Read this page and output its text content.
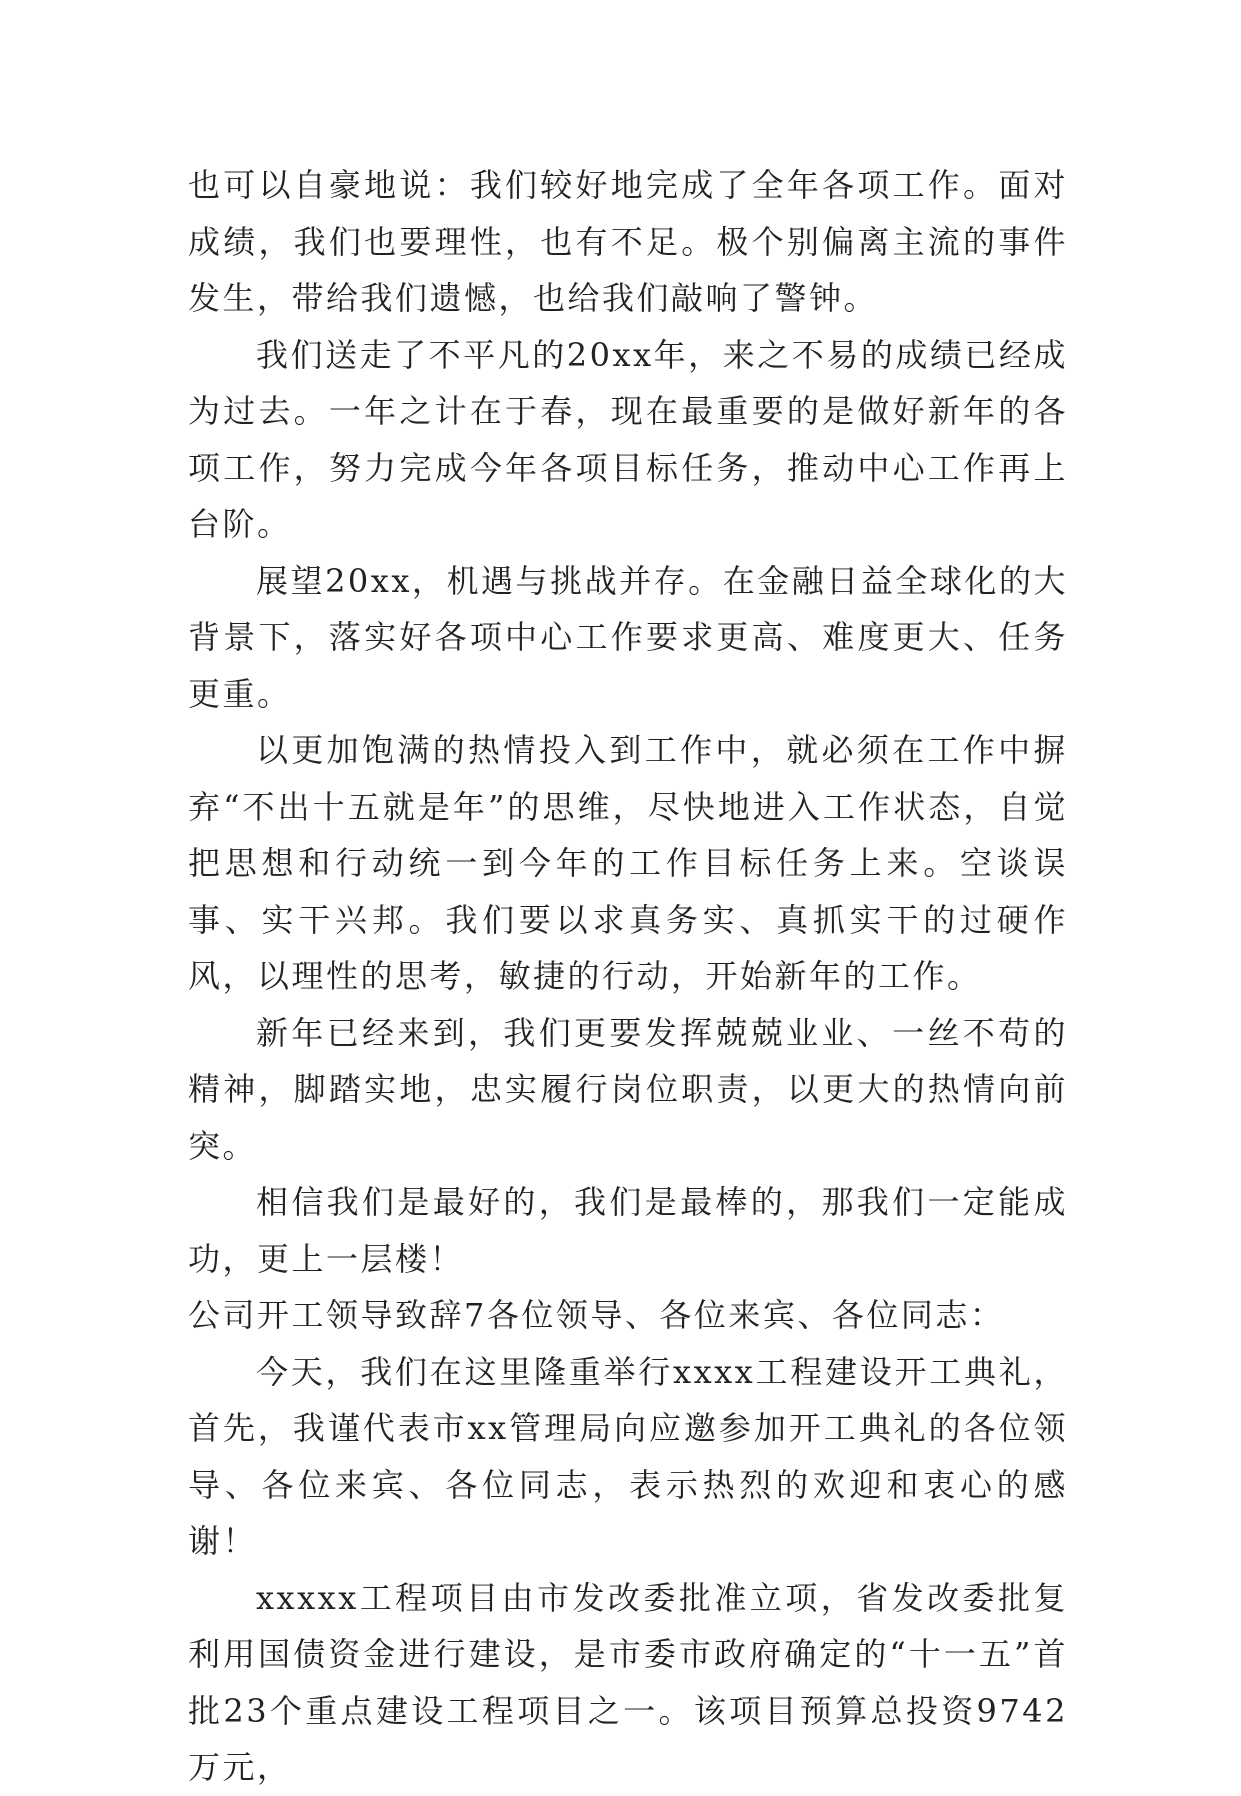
也可以自豪地说：我们较好地完成了全年各项工作。面对成绩，我们也要理性，也有不足。极个别偏离主流的事件发生，带给我们遗憾，也给我们敲响了警钟。

我们送走了不平凡的20xx年，来之不易的成绩已经成为过去。一年之计在于春，现在最重要的是做好新年的各项工作，努力完成今年各项目标任务，推动中心工作再上台阶。

展望20xx，机遇与挑战并存。在金融日益全球化的大背景下，落实好各项中心工作要求更高、难度更大、任务更重。

以更加饱满的热情投入到工作中，就必须在工作中摒弃“不出十五就是年”的思维，尽快地进入工作状态，自觉把思想和行动统一到今年的工作目标任务上来。空谈误事、实干兴邦。我们要以求真务实、真抓实干的过硬作风，以理性的思考，敏捷的行动，开始新年的工作。

新年已经来到，我们更要发挥兢兢业业、一丝不苟的精神，脚踏实地，忠实履行岗位职责，以更大的热情向前突。

相信我们是最好的，我们是最棒的，那我们一定能成功，更上一层楼！

公司开工领导致辞7各位领导、各位来宾、各位同志：

今天，我们在这里隆重举行xxxx工程建设开工典礼，首先，我谨代表市xx管理局向应邀参加开工典礼的各位领导、各位来宾、各位同志，表示热烈的欢迎和衷心的感谢！

xxxxx工程项目由市发改委批准立项，省发改委批复利用国债资金进行建设，是市委市政府确定的“十一五”首批23个重点建设工程项目之一。该项目预算总投资9742万元，
